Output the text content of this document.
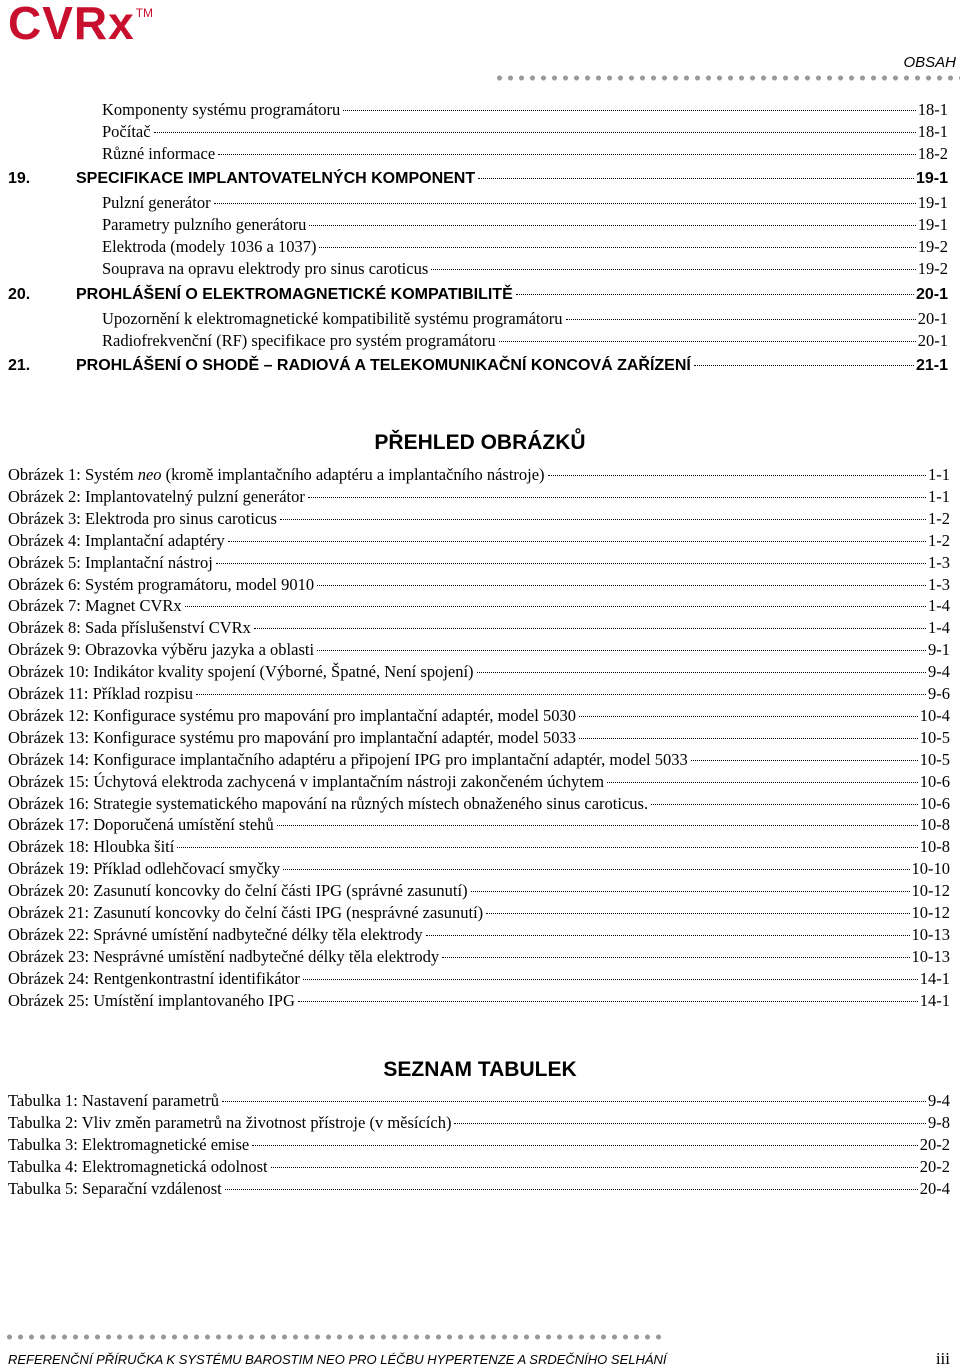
CVRx™
OBSAH
Komponenty systému programátoru	18-1
Počítač	18-1
Různé informace	18-2
19.	SPECIFIKACE IMPLANTOVATELNÝCH KOMPONENT	19-1
Pulzní generátor	19-1
Parametry pulzního generátoru	19-1
Elektroda (modely 1036 a 1037)	19-2
Souprava na opravu elektrody pro sinus caroticus	19-2
20.	PROHLÁŠENÍ O ELEKTROMAGNETICKÉ KOMPATIBILITĚ	20-1
Upozornění k elektromagnetické kompatibilitě systému programátoru	20-1
Radiofrekvenční (RF) specifikace pro systém programátoru	20-1
21.	PROHLÁŠENÍ O SHODĚ – RADIOVÁ A TELEKOMUNIKAČNÍ KONCOVÁ ZAŘÍZENÍ	21-1
PŘEHLED OBRÁZKŮ
Obrázek 1: Systém neo (kromě implantačního adaptéru a implantačního nástroje)	1-1
Obrázek 2: Implantovatelný pulzní generátor	1-1
Obrázek 3: Elektroda pro sinus caroticus	1-2
Obrázek 4: Implantační adaptéry	1-2
Obrázek 5: Implantační nástroj	1-3
Obrázek 6: Systém programátoru, model 9010	1-3
Obrázek 7: Magnet CVRx	1-4
Obrázek 8: Sada příslušenství CVRx	1-4
Obrázek 9: Obrazovka výběru jazyka a oblasti	9-1
Obrázek 10: Indikátor kvality spojení (Výborné, Špatné, Není spojení)	9-4
Obrázek 11: Příklad rozpisu	9-6
Obrázek 12: Konfigurace systému pro mapování pro implantační adaptér, model 5030	10-4
Obrázek 13: Konfigurace systému pro mapování pro implantační adaptér, model 5033	10-5
Obrázek 14: Konfigurace implantačního adaptéru a připojení IPG pro implantační adaptér, model 5033	10-5
Obrázek 15: Úchytová elektroda zachycená v implantačním nástroji zakončeném úchytem	10-6
Obrázek 16: Strategie systematického mapování na různých místech obnaženého sinus caroticus.	10-6
Obrázek 17: Doporučená umístění stehů	10-8
Obrázek 18: Hloubka šití	10-8
Obrázek 19: Příklad odlehčovací smyčky	10-10
Obrázek 20: Zasunutí koncovky do čelní části IPG (správné zasunutí)	10-12
Obrázek 21: Zasunutí koncovky do čelní části IPG (nesprávné zasunutí)	10-12
Obrázek 22: Správné umístění nadbytečné délky těla elektrody	10-13
Obrázek 23: Nesprávné umístění nadbytečné délky těla elektrody	10-13
Obrázek 24: Rentgenkontrastní identifikátor	14-1
Obrázek 25: Umístění implantovaného IPG	14-1
SEZNAM TABULEK
Tabulka 1: Nastavení parametrů	9-4
Tabulka 2: Vliv změn parametrů na životnost přístroje (v měsících)	9-8
Tabulka 3: Elektromagnetické emise	20-2
Tabulka 4: Elektromagnetická odolnost	20-2
Tabulka 5: Separační vzdálenost	20-4
REFERENČNÍ PŘÍRUČKA K SYSTÉMU BAROSTIM NEO PRO LÉČBU HYPERTENZE A SRDEČNÍHO SELHÁNÍ	iii
